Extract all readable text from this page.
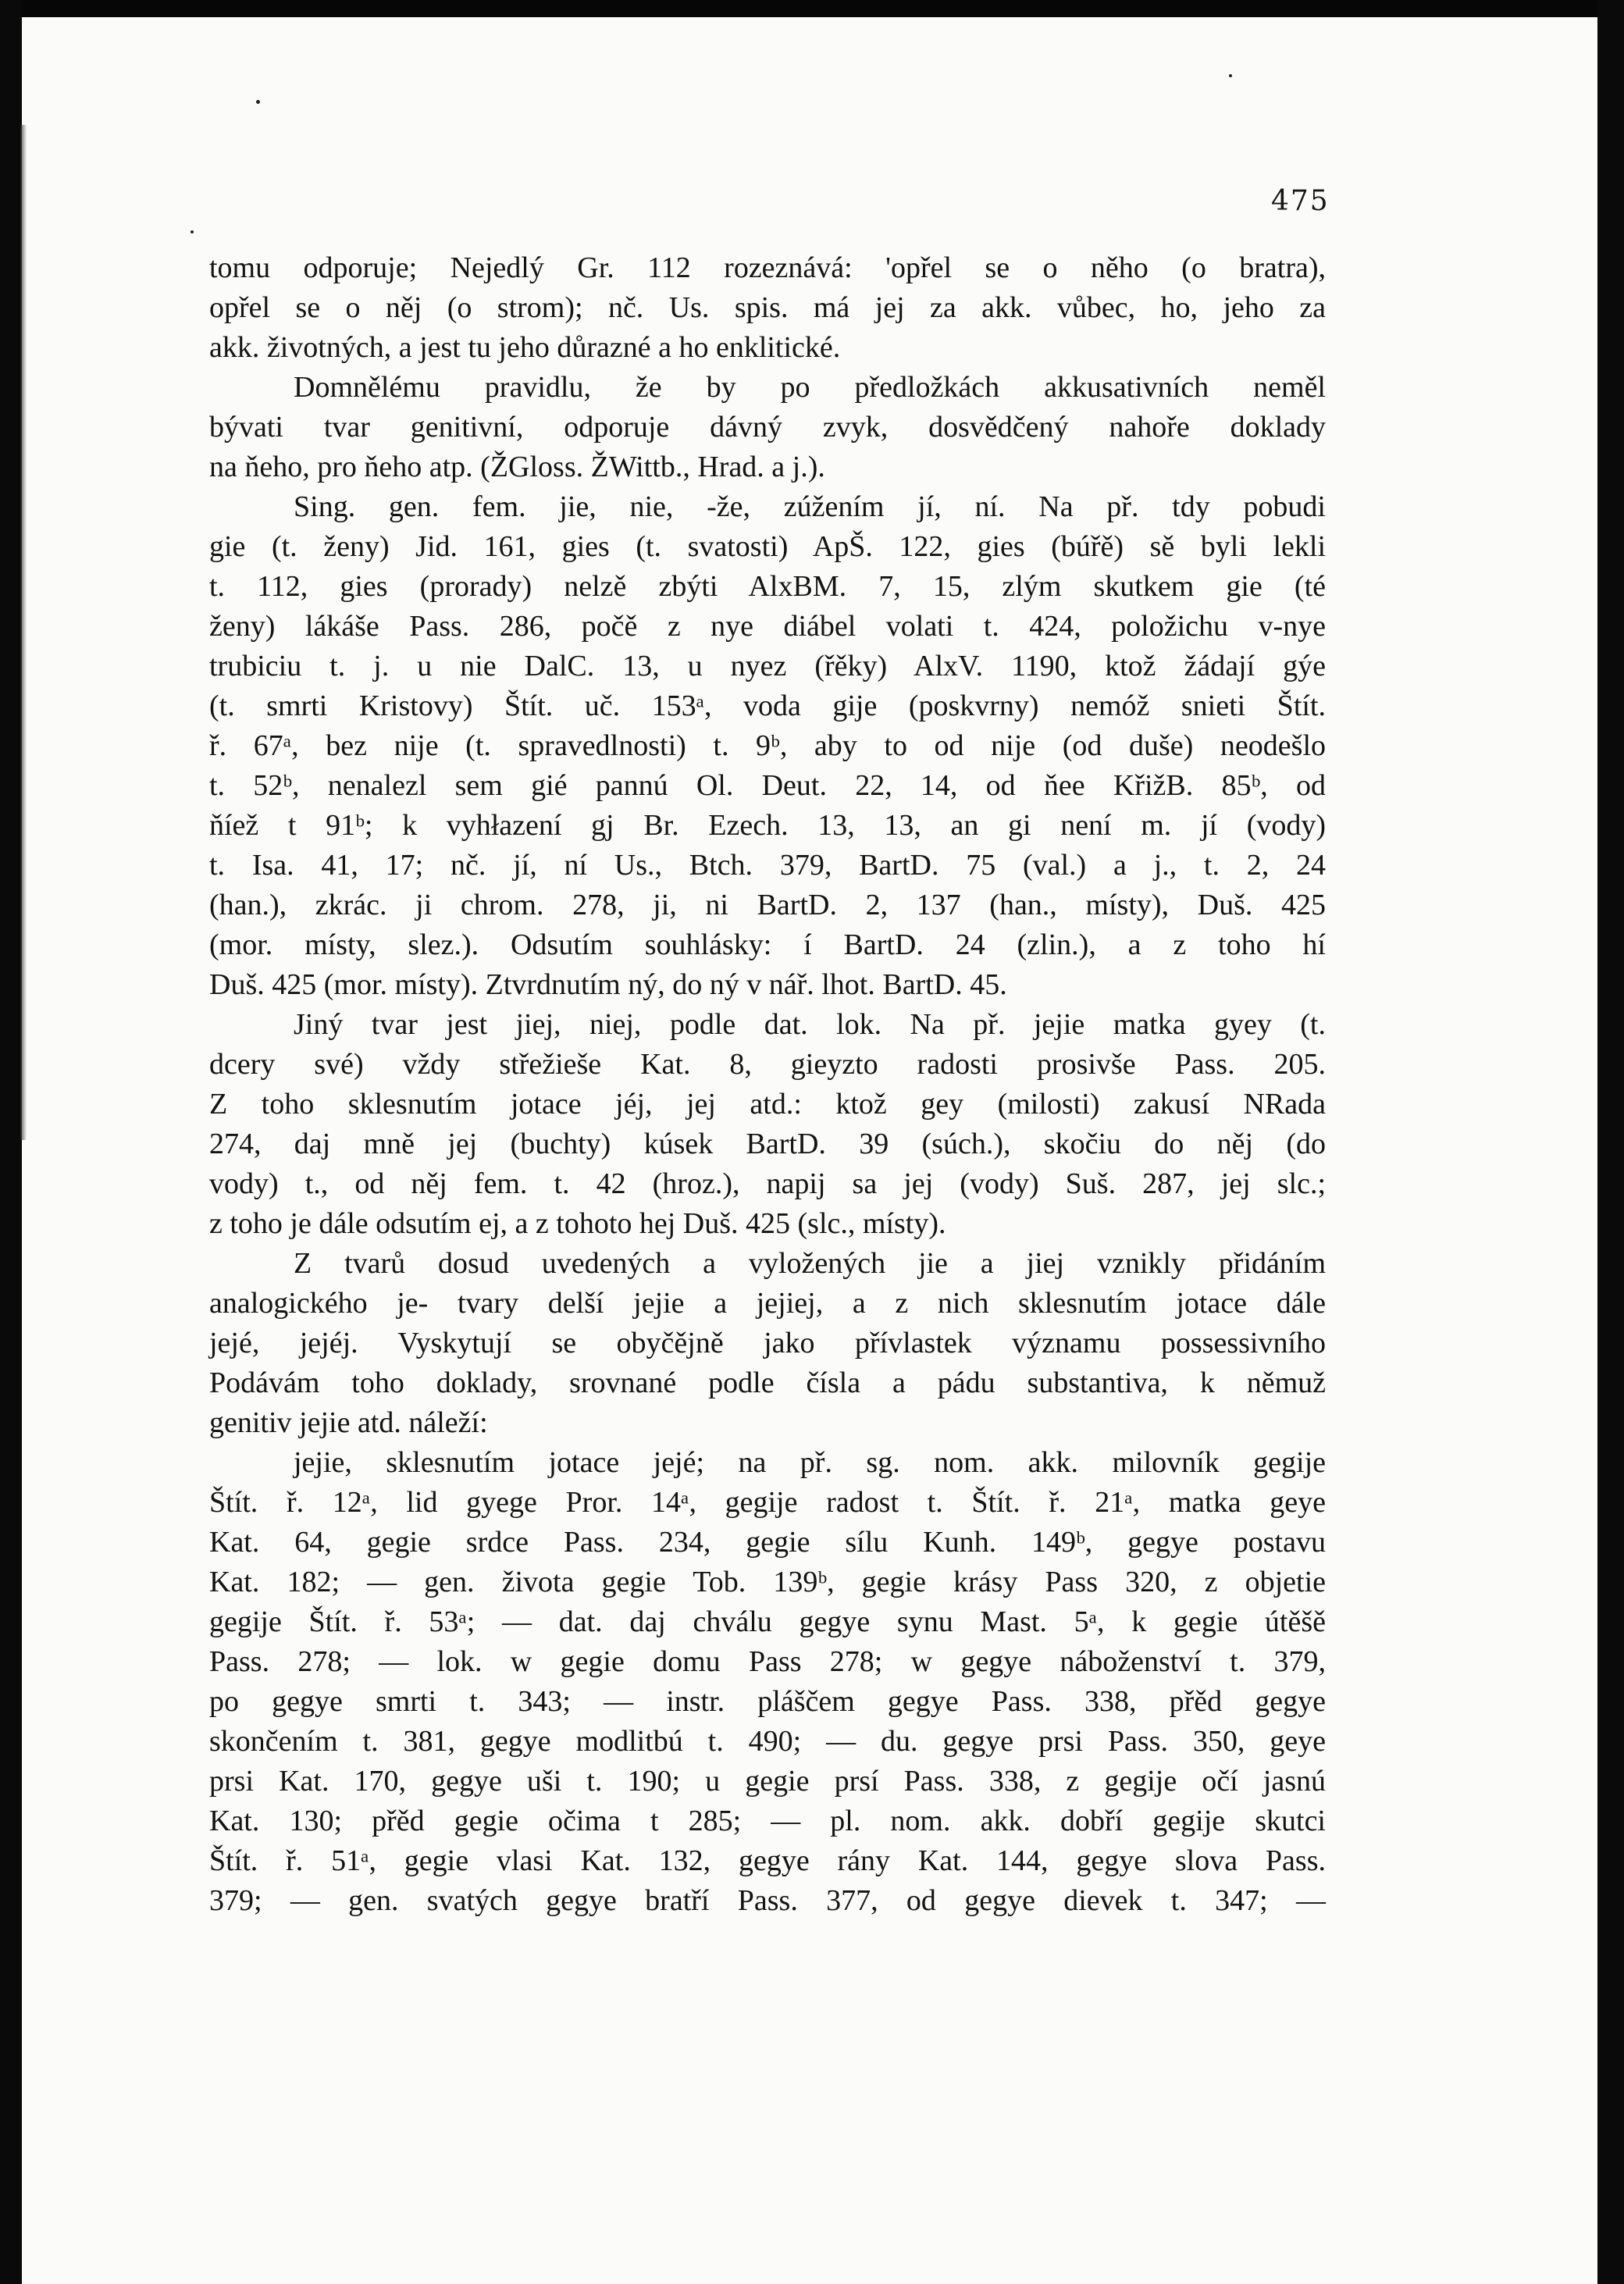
475
tomu odporuje; Nejedlý Gr. 112 rozeznává: 'opřel se o něho (o bratra),
opřel se o něj (o strom); nč. Us. spis. má jej za akk. vůbec, ho, jeho za
akk. životných, a jest tu jeho důrazné a ho enklitické.
Domnělému pravidlu, že by po předložkách akkusativních neměl
bývati tvar genitivní, odporuje dávný zvyk, dosvědčený nahoře doklady
na ňeho, pro ňeho atp. (ŽGloss. ŽWittb., Hrad. a j.).
Sing. gen. fem. jie, nie, -že, zúžením jí, ní. Na př. tdy pobudi
gie (t. ženy) Jid. 161, gies (t. svatosti) ApŠ. 122, gies (búřě) sě byli lekli
t. 112, gies (prorady) nelzě zbýti AlxBM. 7, 15, zlým skutkem gie (té
ženy) lákáše Pass. 286, počě z nye diábel volati t. 424, položichu v-nye
trubiciu t. j. u nie DalC. 13, u nyez (řěky) AlxV. 1190, ktož žádají gýe
(t. smrti Kristovy) Štít. uč. 153ᵃ, voda gije (poskvrny) nemóž snieti Štít.
ř. 67ᵃ, bez nije (t. spravedlnosti) t. 9ᵇ, aby to od nije (od duše) neodešlo
t. 52ᵇ, nenalezl sem gié pannú Ol. Deut. 22, 14, od ňee KřižB. 85ᵇ, od
ňíež t 91ᵇ; k vyhłazení gj Br. Ezech. 13, 13, an gi není m. jí (vody)
t. Isa. 41, 17; nč. jí, ní Us., Btch. 379, BartD. 75 (val.) a j., t. 2, 24
(han.), zkrác. ji chrom. 278, ji, ni BartD. 2, 137 (han., místy), Duš. 425
(mor. místy, slez.). Odsutím souhlásky: í BartD. 24 (zlin.), a z toho hí
Duš. 425 (mor. místy). Ztvrdnutím ný, do ný v nář. lhot. BartD. 45.
Jiný tvar jest jiej, niej, podle dat. lok. Na př. jejie matka gyey (t.
dcery své) vždy střežieše Kat. 8, gieyzto radosti prosivše Pass. 205.
Z toho sklesnutím jotace jéj, jej atd.: ktož gey (milosti) zakusí NRada
274, daj mně jej (buchty) kúsek BartD. 39 (súch.), skočiu do něj (do
vody) t., od něj fem. t. 42 (hroz.), napij sa jej (vody) Suš. 287, jej slc.;
z toho je dále odsutím ej, a z tohoto hej Duš. 425 (slc., místy).
Z tvarů dosud uvedených a vyložených jie a jiej vznikly přidáním
analogického je- tvary delší jejie a jejiej, a z nich sklesnutím jotace dále
jejé, jejéj. Vyskytují se obyčějně jako přívlastek významu possessivního
Podávám toho doklady, srovnané podle čísla a pádu substantiva, k němuž
genitiv jejie atd. náleží:
jejie, sklesnutím jotace jejé; na př. sg. nom. akk. milovník gegije
Štít. ř. 12ᵃ, lid gyege Pror. 14ᵃ, gegije radost t. Štít. ř. 21ᵃ, matka geye
Kat. 64, gegie srdce Pass. 234, gegie sílu Kunh. 149ᵇ, gegye postavu
Kat. 182; — gen. života gegie Tob. 139ᵇ, gegie krásy Pass 320, z objetie
gegije Štít. ř. 53ᵃ; — dat. daj chválu gegye synu Mast. 5ᵃ, k gegie útěšě
Pass. 278; — lok. w gegie domu Pass 278; w gegye náboženství t. 379,
po gegye smrti t. 343; — instr. pláščem gegye Pass. 338, přěd gegye
skončením t. 381, gegye modlitbú t. 490; — du. gegye prsi Pass. 350, geye
prsi Kat. 170, gegye uši t. 190; u gegie prsí Pass. 338, z gegije očí jasnú
Kat. 130; přěd gegie očima t 285; — pl. nom. akk. dobří gegije skutci
Štít. ř. 51ᵃ, gegie vlasi Kat. 132, gegye rány Kat. 144, gegye slova Pass.
379; — gen. svatých gegye bratří Pass. 377, od gegye dievek t. 347; —
